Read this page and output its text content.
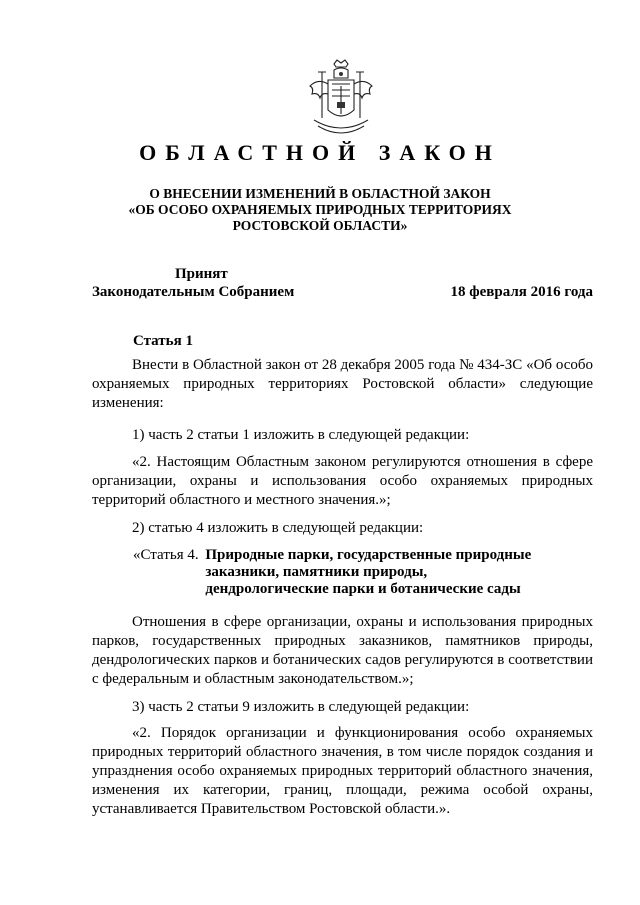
ОБЛАСТНОЙ ЗАКОН
О ВНЕСЕНИИ ИЗМЕНЕНИЙ В ОБЛАСТНОЙ ЗАКОН
«ОБ ОСОБО ОХРАНЯЕМЫХ ПРИРОДНЫХ ТЕРРИТОРИЯХ
РОСТОВСКОЙ ОБЛАСТИ»
Принят
Законодательным Собранием	18 февраля 2016 года
Статья 1
Внести в Областной закон от 28 декабря 2005 года № 434-ЗС «Об особо охраняемых природных территориях Ростовской области» следующие изменения:
1) часть 2 статьи 1 изложить в следующей редакции:
«2. Настоящим Областным законом регулируются отношения в сфере организации, охраны и использования особо охраняемых природных территорий областного и местного значения.»;
2) статью 4 изложить в следующей редакции:
«Статья 4. Природные парки, государственные природные заказники, памятники природы, дендрологические парки и ботанические сады
Отношения в сфере организации, охраны и использования природных парков, государственных природных заказников, памятников природы, дендрологических парков и ботанических садов регулируются в соответствии с федеральным и областным законодательством.»;
3) часть 2 статьи 9 изложить в следующей редакции:
«2. Порядок организации и функционирования особо охраняемых природных территорий областного значения, в том числе порядок создания и упразднения особо охраняемых природных территорий областного значения, изменения их категории, границ, площади, режима особой охраны, устанавливается Правительством Ростовской области.».
